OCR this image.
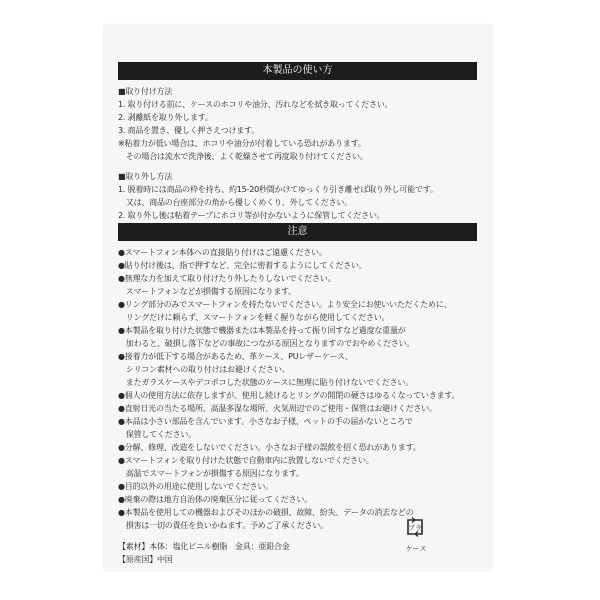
本製品の使い方
■取り付け方法
1. 取り付ける前に、ケースのホコリや油分、汚れなどを拭き取ってください。
2. 剥離紙を取り外します。
3. 商品を置き、優しく押さえつけます。
※粘着力が低い場合は、ホコリや油分が付着している恐れがあります。
　その場合は流水で洗浄後、よく乾燥させて再度取り付けてください。
■取り外し方法
1. 脱着時には商品の枠を持ち、約15-20秒間かけてゆっくり引き離せば取り外し可能です。
　又は、商品の台座部分の角から優しくめくり、外してください。
2. 取り外し後は粘着テープにホコリ等が付かないように保管してください。
注意
●スマートフォン本体への直接貼り付けはご遠慮ください。
●貼り付け後は、指で押すなど、完全に密着するようにしてください。
●無理な力を加えて取り付けたり外したりしないでください。
　スマートフォンなどが損傷する原因になります。
●リング部分のみでスマートフォンを持たないでください。より安全にお使いいただくために、
　リングだけに頼らず、スマートフォンを軽く握りながら使用してください。
●本製品を取り付けた状態で機器または本製品を持って振り回すなど過度な重量が
　加わると、破損し落下などの事故につながる原因となりますのでおやめください。
●接着力が低下する場合があるため、革ケース、PUレザーケース、
　シリコン素材への取り付けはお避けください。
　またガラスケースやデコボコした状態のケースに無理に貼り付けないでください。
●個人の使用方法に依存しますが、使用し続けるとリングの開閉の硬さはゆるくなっていきます。
●直射日光の当たる場所、高温多湿な場所、火気周辺でのご使用・保管はお避けください。
●本品は小さい部品を含んでいます。小さなお子様、ペットの手の届かないところで
　保管してください。
●分解、修理、改造をしないでください。小さなお子様の誤飲を招く恐れがあります。
●スマートフォンを取り付けた状態で自動車内に放置しないでください。
　高温でスマートフォンが損傷する原因になります。
●目的以外の用途に使用しないでください。
●廃棄の際は地方自治体の廃棄区分に従ってください。
●本製品を使用しての機器およびそのほかの破損、故障、紛失、データの消去などの
　損害は一切の責任を負いかねます。予めご了承ください。
【素材】本体：塩化ビニル樹脂　金具：亜鉛合金
【原産国】中国
プラ
ケース
